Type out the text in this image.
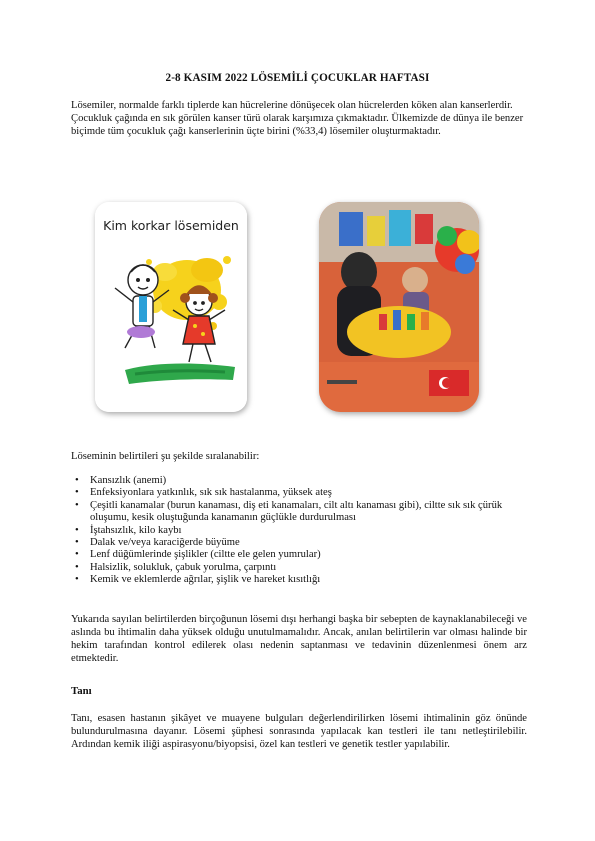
2-8 KASIM 2022 LÖSEMİLİ ÇOCUKLAR HAFTASI

Lösemiler, normalde farklı tiplerde kan hücrelerine dönüşecek olan hücrelerden köken alan kanserlerdir. Çocukluk çağında en sık görülen kanser türü olarak karşımıza çıkmaktadır. Ülkemizde de dünya ile benzer biçimde tüm çocukluk çağı kanserlerinin üçte birini (%33,4) lösemiler oluşturmaktadır.

Kim korkar lösemiden

Löseminin belirtileri şu şekilde sıralanabilir:

• Kansızlık (anemi)
• Enfeksiyonlara yatkınlık, sık sık hastalanma, yüksek ateş
• Çeşitli kanamalar (burun kanaması, diş eti kanamaları, cilt altı kanaması gibi), ciltte sık sık çürük oluşumu, kesik oluştuğunda kanamanın güçlükle durdurulması
• İştahsızlık, kilo kaybı
• Dalak ve/veya karaciğerde büyüme
• Lenf düğümlerinde şişlikler (ciltte ele gelen yumrular)
• Halsizlik, solukluk, çabuk yorulma, çarpıntı
• Kemik ve eklemlerde ağrılar, şişlik ve hareket kısıtlığı

Yukarıda sayılan belirtilerden birçoğunun lösemi dışı herhangi başka bir sebepten de kaynaklanabileceği ve aslında bu ihtimalin daha yüksek olduğu unutulmamalıdır. Ancak, anılan belirtilerin var olması halinde bir hekim tarafından kontrol edilerek olası nedenin saptanması ve tedavinin düzenlenmesi önem arz etmektedir.

Tanı

Tanı, esasen hastanın şikâyet ve muayene bulguları değerlendirilirken lösemi ihtimalinin göz önünde bulundurulmasına dayanır. Lösemi şüphesi sonrasında yapılacak kan testleri ile tanı netleştirilebilir. Ardından kemik iliği aspirasyonu/biyopsisi, özel kan testleri ve genetik testler yapılabilir.
